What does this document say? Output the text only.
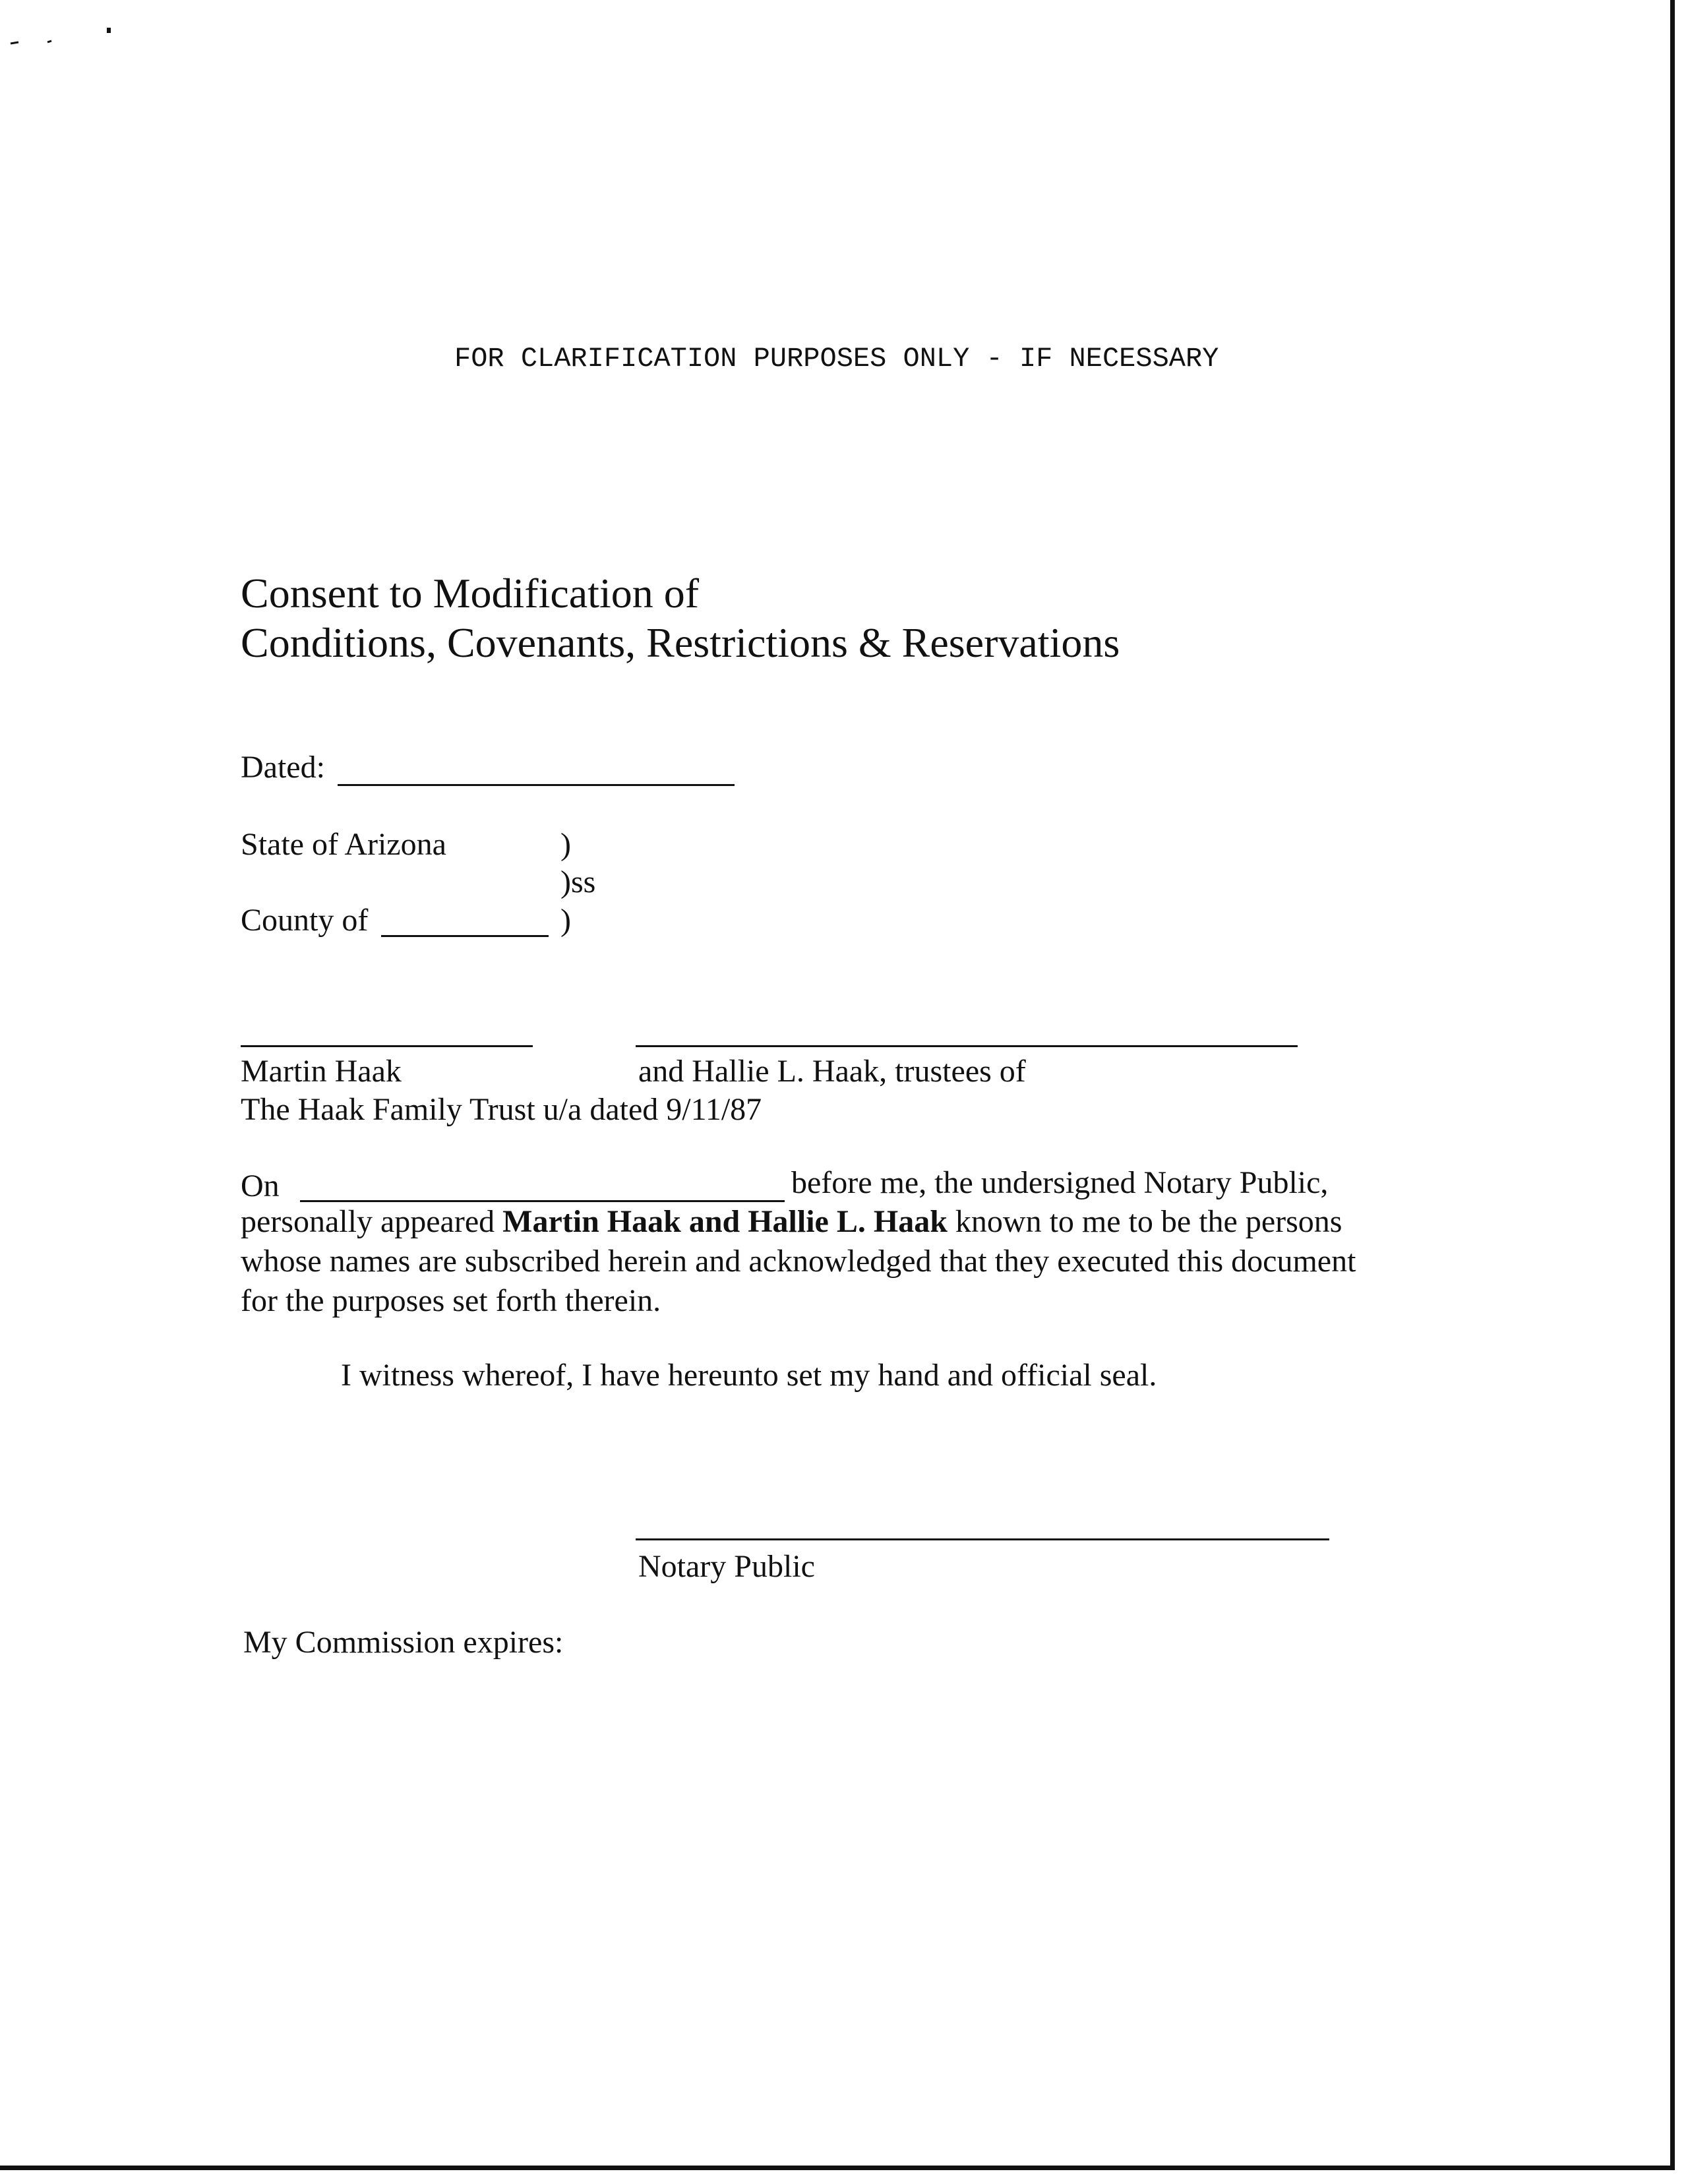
FOR CLARIFICATION PURPOSES ONLY - IF NECESSARY
Consent to Modification of
Conditions, Covenants, Restrictions & Reservations
Dated:
State of Arizona	)
)ss
County of	)
Martin Haak	and Hallie L. Haak, trustees of
The Haak Family Trust u/a dated 9/11/87
On	before me, the undersigned Notary Public,
personally appeared Martin Haak and Hallie L. Haak known to me to be the persons
whose names are subscribed herein and acknowledged that they executed this document
for the purposes set forth therein.
I witness whereof, I have hereunto set my hand and official seal.
Notary Public
My Commission expires:
